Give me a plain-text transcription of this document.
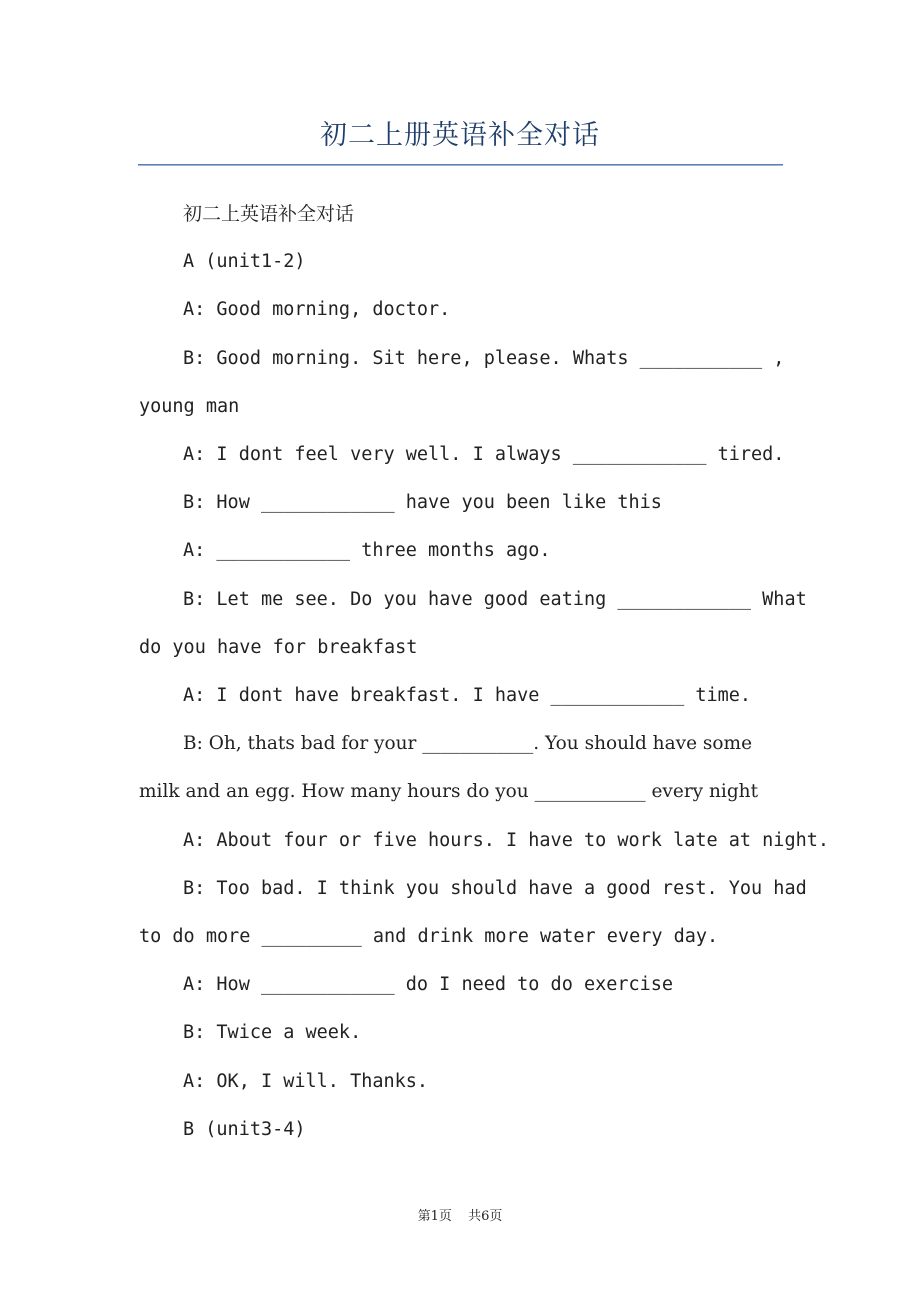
初二上册英语补全对话
初二上英语补全对话
A (unit1-2)
A: Good morning, doctor.
B: Good morning. Sit here, please. Whats ___________ ,
young man
A: I dont feel very well. I always ____________ tired.
B: How ____________ have you been like this
A: ____________ three months ago.
B: Let me see. Do you have good eating ____________ What
do you have for breakfast
A: I dont have breakfast. I have ____________ time.
B: Oh, thats bad for your ____________. You should have some
milk and an egg. How many hours do you ____________ every night
A: About four or five hours. I have to work late at night.
B: Too bad. I think you should have a good rest. You had
to do more _________ and drink more water every day.
A: How ____________ do I need to do exercise
B: Twice a week.
A: OK, I will. Thanks.
B (unit3-4)
第1页 共6页
